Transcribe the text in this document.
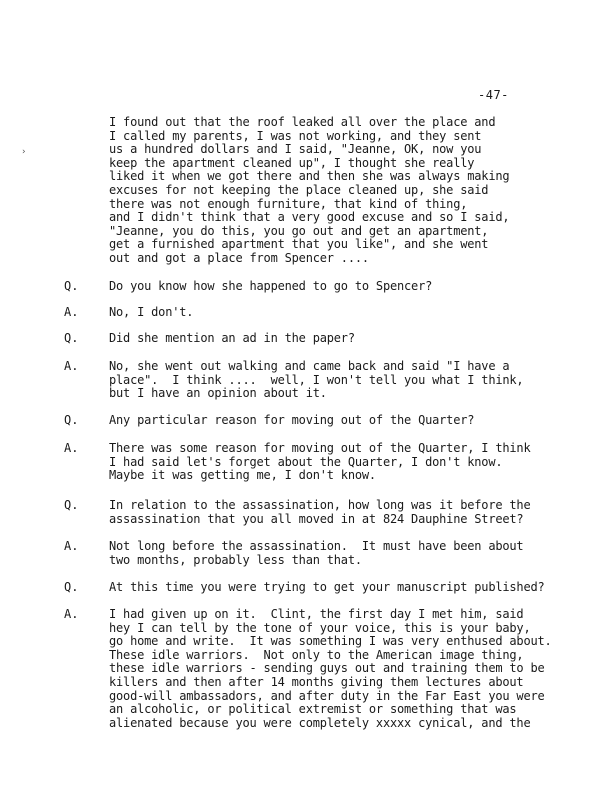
-47-
›
I found out that the roof leaked all over the place and
I called my parents, I was not working, and they sent
us a hundred dollars and I said, "Jeanne, OK, now you
keep the apartment cleaned up", I thought she really
liked it when we got there and then she was always making
excuses for not keeping the place cleaned up, she said
there was not enough furniture, that kind of thing,
and I didn't think that a very good excuse and so I said,
"Jeanne, you do this, you go out and get an apartment,
get a furnished apartment that you like", and she went
out and got a place from Spencer ....
Q.	Do you know how she happened to go to Spencer?
A.	No, I don't.
Q.	Did she mention an ad in the paper?
A.	No, she went out walking and came back and said "I have a
place".  I think ....  well, I won't tell you what I think,
but I have an opinion about it.
Q.	Any particular reason for moving out of the Quarter?
A.	There was some reason for moving out of the Quarter, I think
I had said let's forget about the Quarter, I don't know.
Maybe it was getting me, I don't know.
Q.	In relation to the assassination, how long was it before the
assassination that you all moved in at 824 Dauphine Street?
A.	Not long before the assassination.  It must have been about
two months, probably less than that.
Q.	At this time you were trying to get your manuscript published?
A.	I had given up on it.  Clint, the first day I met him, said
hey I can tell by the tone of your voice, this is your baby,
go home and write.  It was something I was very enthused about.
These idle warriors.  Not only to the American image thing,
these idle warriors - sending guys out and training them to be
killers and then after 14 months giving them lectures about
good-will ambassadors, and after duty in the Far East you were
an alcoholic, or political extremist or something that was
alienated because you were completely xxxxx cynical, and the
